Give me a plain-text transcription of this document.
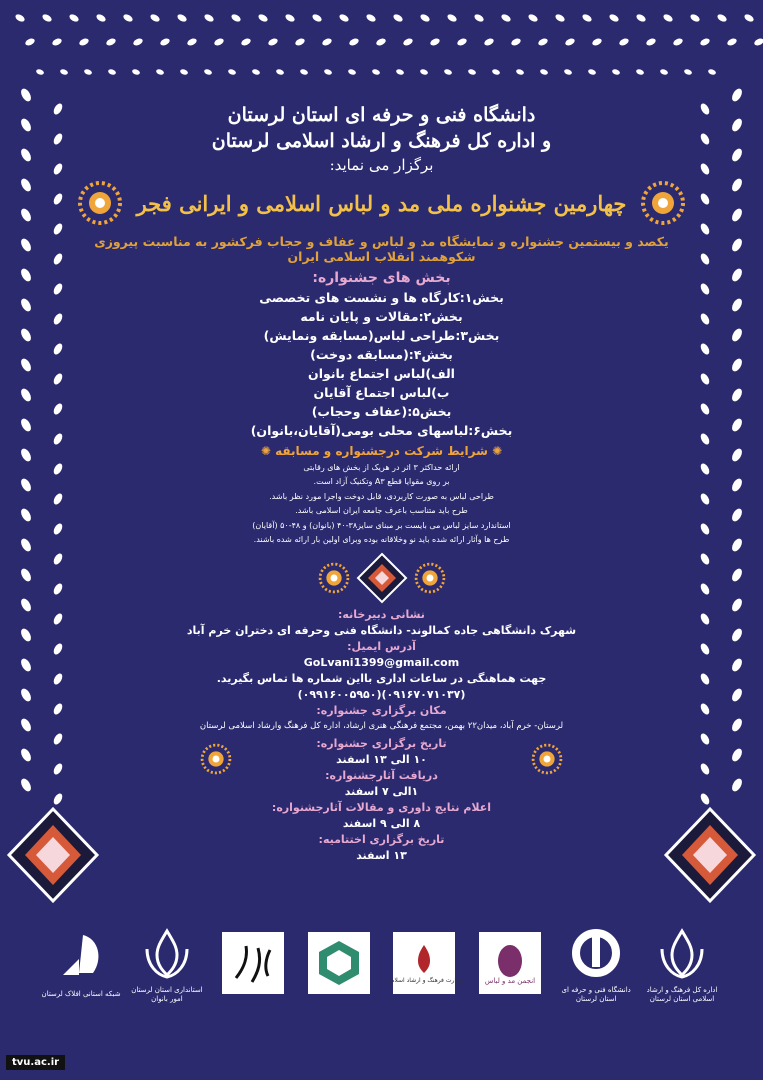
دانشگاه فنی و حرفه ای استان لرستان
و اداره کل فرهنگ و ارشاد اسلامی لرستان
برگزار می نماید:
چهارمین جشنواره ملی مد و لباس اسلامی و ایرانی فجر
یکصد و بیستمین جشنواره و نمایشگاه مد و لباس و عفاف و حجاب فرکشور به مناسبت پیروزی شکوهمند انقلاب اسلامی ایران
بخش های جشنواره:
بخش۱:کارگاه ها و نشست های تخصصی
بخش۲:مقالات و پایان نامه
بخش۳:طراحی لباس(مسابقه ونمایش)
بخش۴:(مسابقه دوخت)
الف)لباس اجتماع بانوان
ب)لباس اجتماع آقایان
بخش۵:(عفاف وحجاب)
بخش۶:لباسهای محلی بومی(آقایان،بانوان)
✺ شرایط شرکت درجشنواره و مسابقه ✺
ارائه حداکثر ۳ اثر در هریک از بخش های رقابتی
بر روی مقوایا قطع A۳ وتکنیک آزاد است.
طراحی لباس به صورت کاربردی، قابل دوخت واجرا مورد نظر باشد.
طرح باید متناسب باعرف جامعه ایران اسلامی باشد.
استاندارد سایز لباس می بایست بر مبنای سایز۳۸-۴۰ (بانوان) و ۴۸-۵۰ (آقایان)
طرح ها وآثار ارائه شده باید نو وخلاقانه بوده وبرای اولین بار ارائه شده باشند.
نشانی دبیرخانه:
شهرک دانشگاهی جاده کمالوند- دانشگاه فنی وحرفه ای دختران خرم آباد
آدرس ایمیل:
GoLvani1399@gmail.com
جهت هماهنگی در ساعات اداری بااین شماره ها تماس بگیرید.
(۰۹۱۶۷۰۷۱۰۳۷)(۰۹۹۱۶۰۰۵۹۵۰)
مکان برگزاری جشنواره:
لرستان- خرم آباد، میدان۲۲ بهمن، مجتمع فرهنگی هنری ارشاد، اداره کل فرهنگ وارشاد اسلامی لرستان
تاریخ برگزاری جشنواره:
۱۰ الی ۱۳ اسفند
دریافت آثارجشنواره:
۱الی ۷ اسفند
اعلام نتایج داوری و مقالات آثارجشنواره:
۸ الی ۹ اسفند
تاریخ برگزاری اختتامیه:
۱۳ اسفند
اداره کل فرهنگ و ارشاد اسلامی استان لرستان
دانشگاه فنی و حرفه ای استان لرستان
انجمن مد و لباس
وزارت فرهنگ و ارشاد اسلامی
استانداری استان لرستان امور بانوان
شبکه استانی افلاک لرستان
tvu.ac.ir
